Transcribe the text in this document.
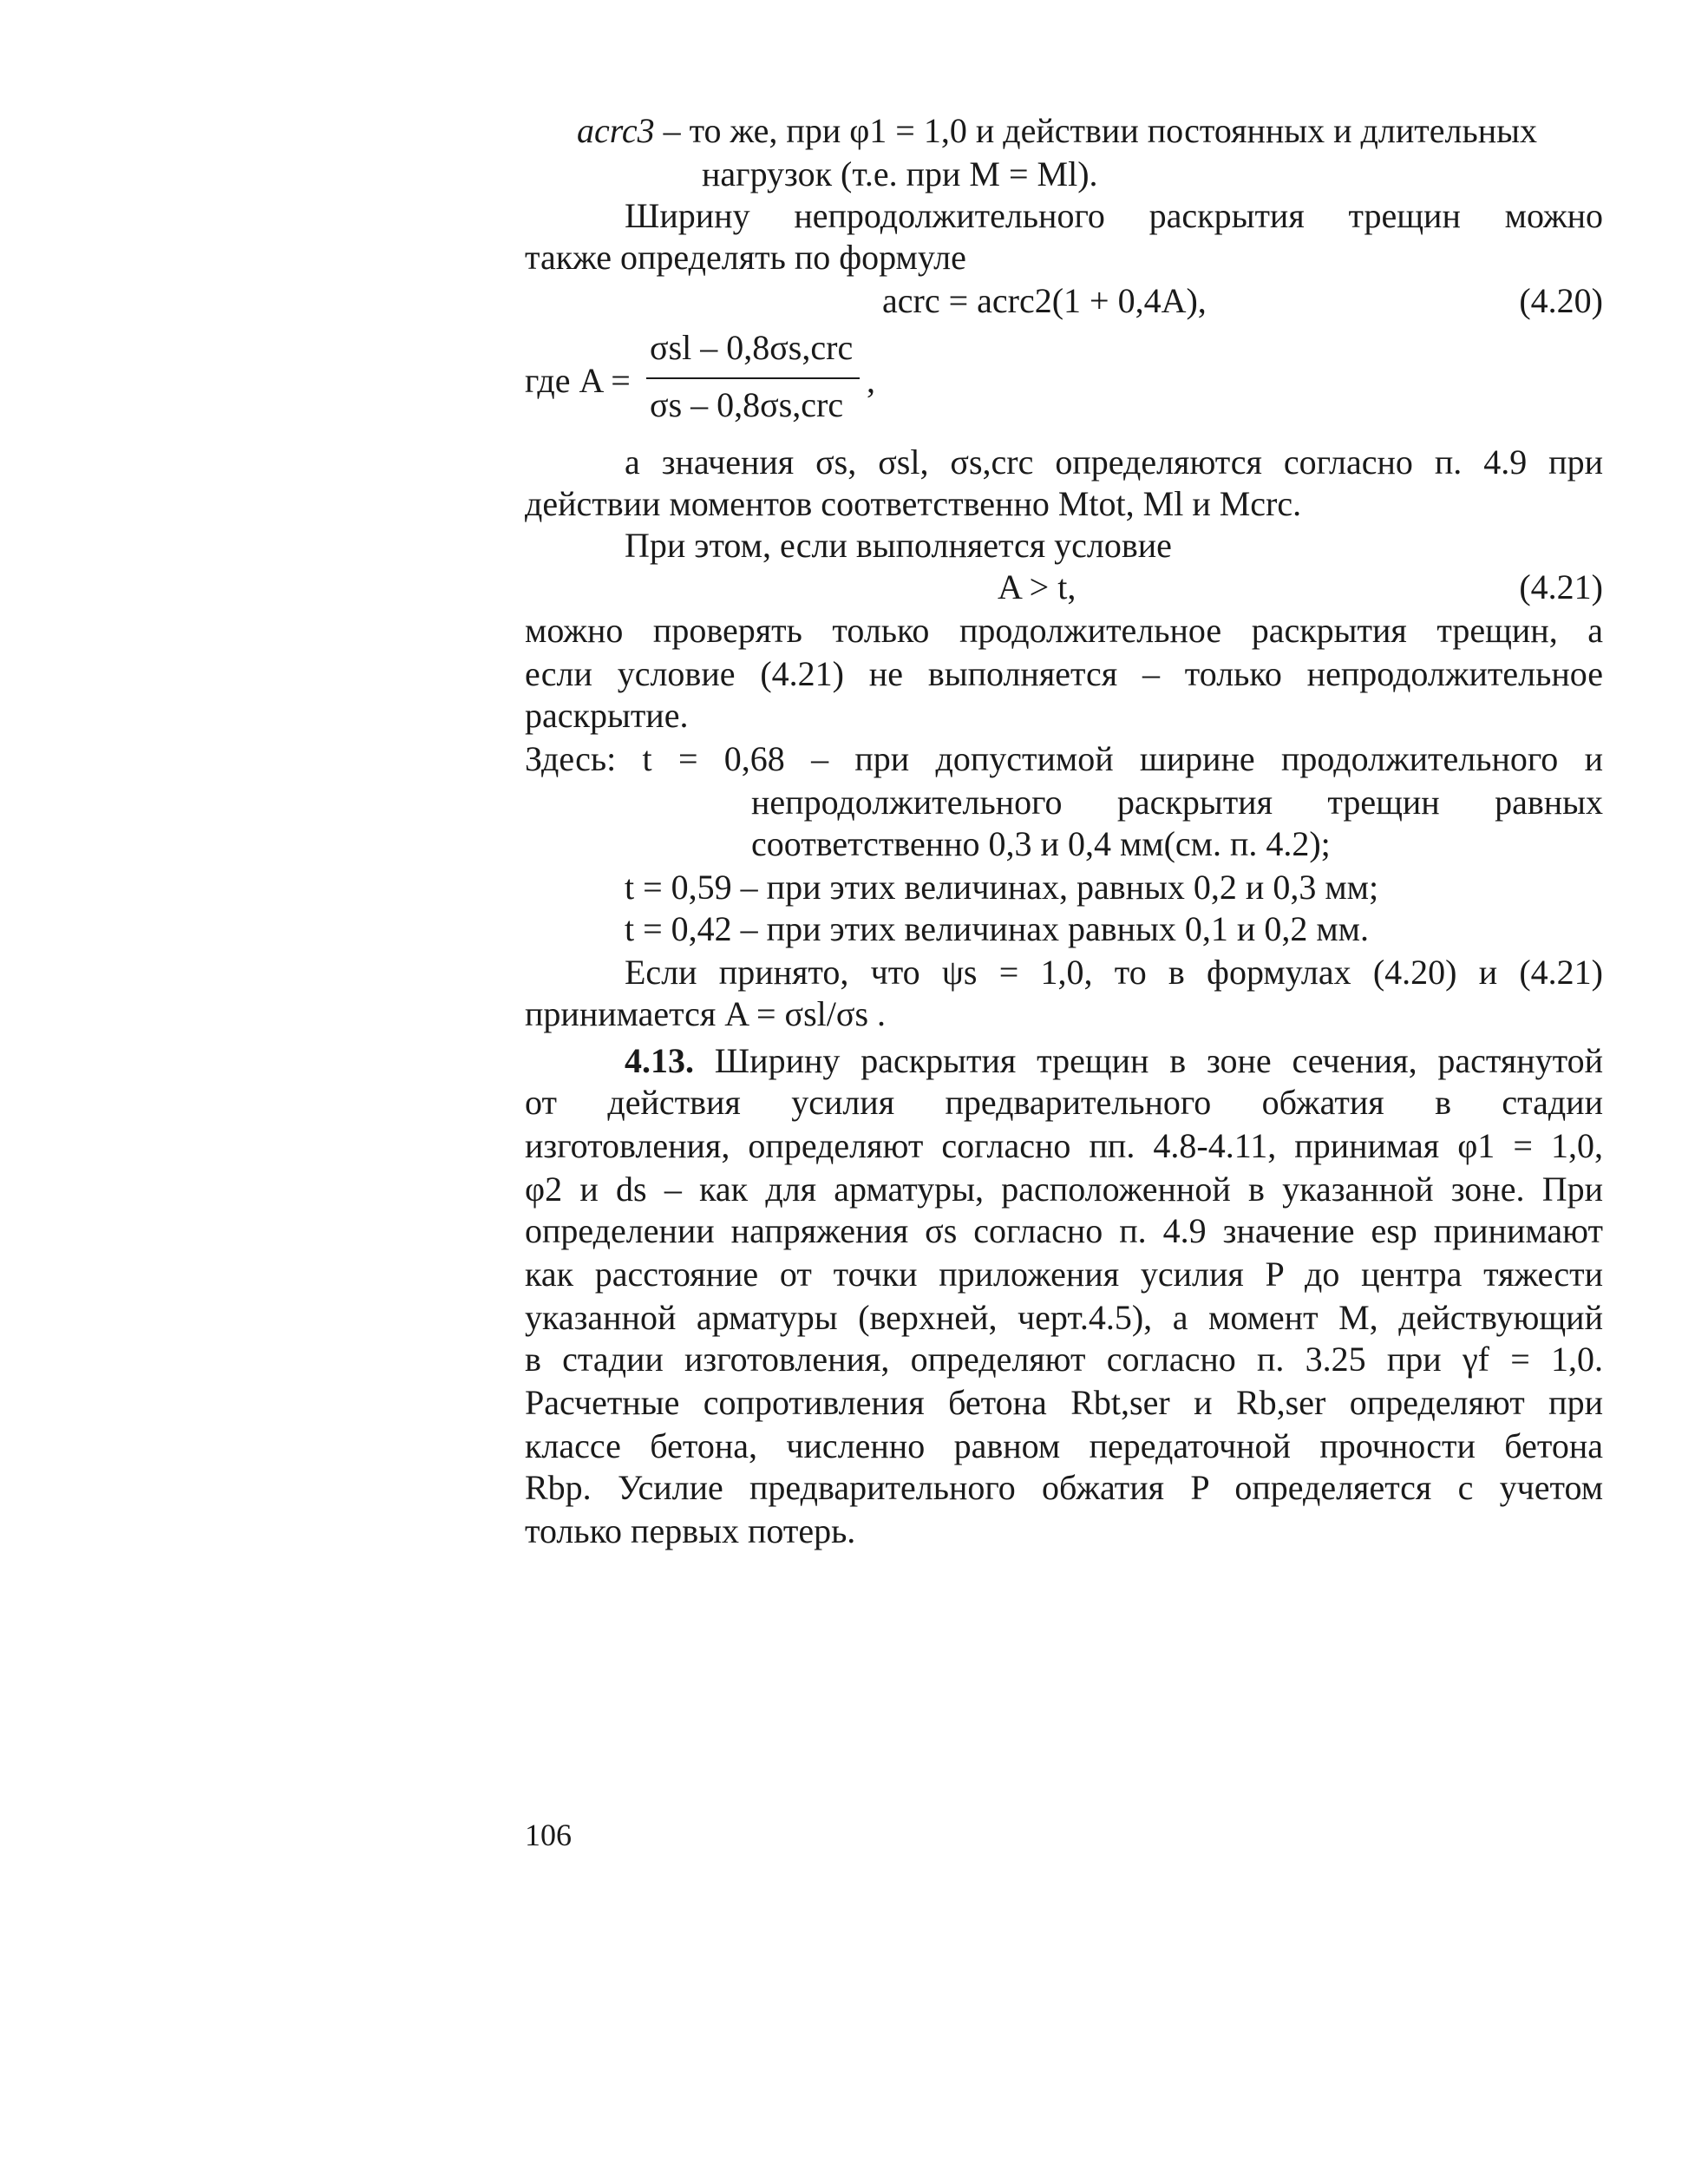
acrc3 – то же, при φ1 = 1,0 и действии постоянных и длительных
нагрузок (т.е. при M = Ml).
Ширину непродолжительного раскрытия трещин можно
также определять по формуле
acrc = acrc2(1 + 0,4A),	(4.20)
где A =
σsl – 0,8σs,crc
σs – 0,8σs,crc
,
а значения σs, σsl, σs,crc определяются согласно п. 4.9 при
действии моментов соответственно Mtot, Ml и Mcrc.
При этом, если выполняется условие
A > t,	(4.21)
можно проверять только продолжительное раскрытия трещин, а
если условие (4.21) не выполняется – только непродолжительное
раскрытие.
Здесь: t = 0,68 – при допустимой ширине продолжительного и
непродолжительного раскрытия трещин равных
соответственно 0,3 и 0,4 мм(см. п. 4.2);
t = 0,59 – при этих величинах, равных 0,2 и 0,3 мм;
t = 0,42 – при этих величинах равных 0,1 и 0,2 мм.
Если принято, что ψs = 1,0, то в формулах (4.20) и (4.21)
принимается A = σsl/σs .
4.13. Ширину раскрытия трещин в зоне сечения, растянутой
от действия усилия предварительного обжатия в стадии
изготовления, определяют согласно пп. 4.8-4.11, принимая φ1 = 1,0,
φ2 и ds – как для арматуры, расположенной в указанной зоне. При
определении напряжения σs согласно п. 4.9 значение esp принимают
как расстояние от точки приложения усилия P до центра тяжести
указанной арматуры (верхней, черт.4.5), а момент M, действующий
в стадии изготовления, определяют согласно п. 3.25 при γf = 1,0.
Расчетные сопротивления бетона Rbt,ser и Rb,ser определяют при
классе бетона, численно равном передаточной прочности бетона
Rbp. Усилие предварительного обжатия P определяется с учетом
только первых потерь.
106
